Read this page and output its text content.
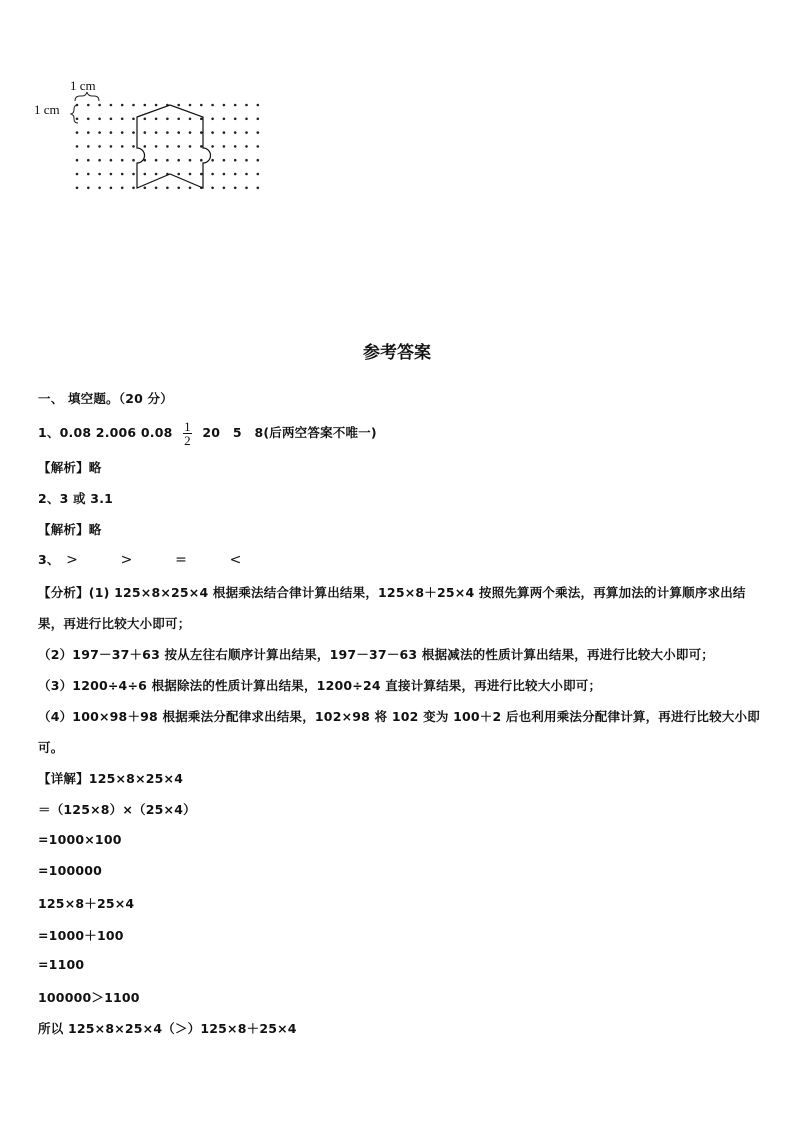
1 cm
1 cm
参考答案
一、 填空题。（20 分）
1、0.08 2.006 $0.08 \frac{1}{2} 20$　5　8(后两空答案不唯一)
【解析】略
2、3 或 3.1
【解析】略
3、 >	>	=	<
【分析】(1) 125×8×25×4 根据乘法结合律计算出结果，125×8＋25×4 按照先算两个乘法，再算加法的计算顺序求出结
果，再进行比较大小即可；
（2）197－37＋63 按从左往右顺序计算出结果，197－37－63 根据减法的性质计算出结果，再进行比较大小即可；
（3）1200÷4÷6 根据除法的性质计算出结果，1200÷24 直接计算结果，再进行比较大小即可；
（4）100×98＋98 根据乘法分配律求出结果，102×98 将 102 变为 100＋2 后也利用乘法分配律计算，再进行比较大小即
可。
【详解】125×8×25×4
＝（125×8）×（25×4）
=1000×100
=100000
125×8＋25×4
=1000＋100
=1100
100000＞1100
所以 125×8×25×4（＞）125×8＋25×4
